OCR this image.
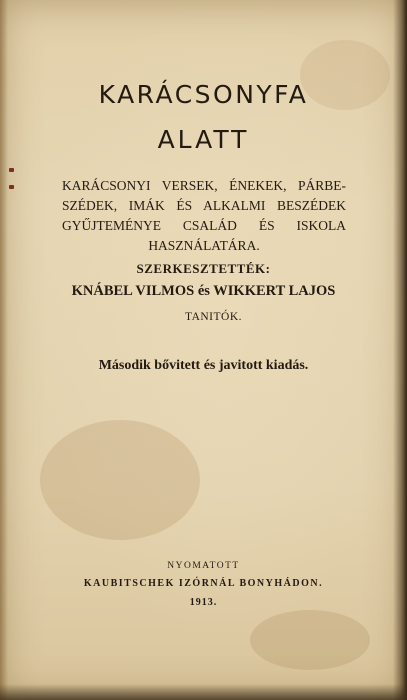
KARÁCSONYFA
ALATT
KARÁCSONYI VERSEK, ÉNEKEK, PÁRBE-
SZÉDEK, IMÁK ÉS ALKALMI BESZÉDEK
GYŰJTEMÉNYE CSALÁD ÉS ISKOLA
HASZNÁLATÁRA.

SZERKESZTETTÉK:

KNÁBEL VILMOS és WIKKERT LAJOS

TANITÓK.

Második bővitett és javitott kiadás.

NYOMATOTT

KAUBITSCHEK IZÓRNÁL BONYHÁDON.

1913.
